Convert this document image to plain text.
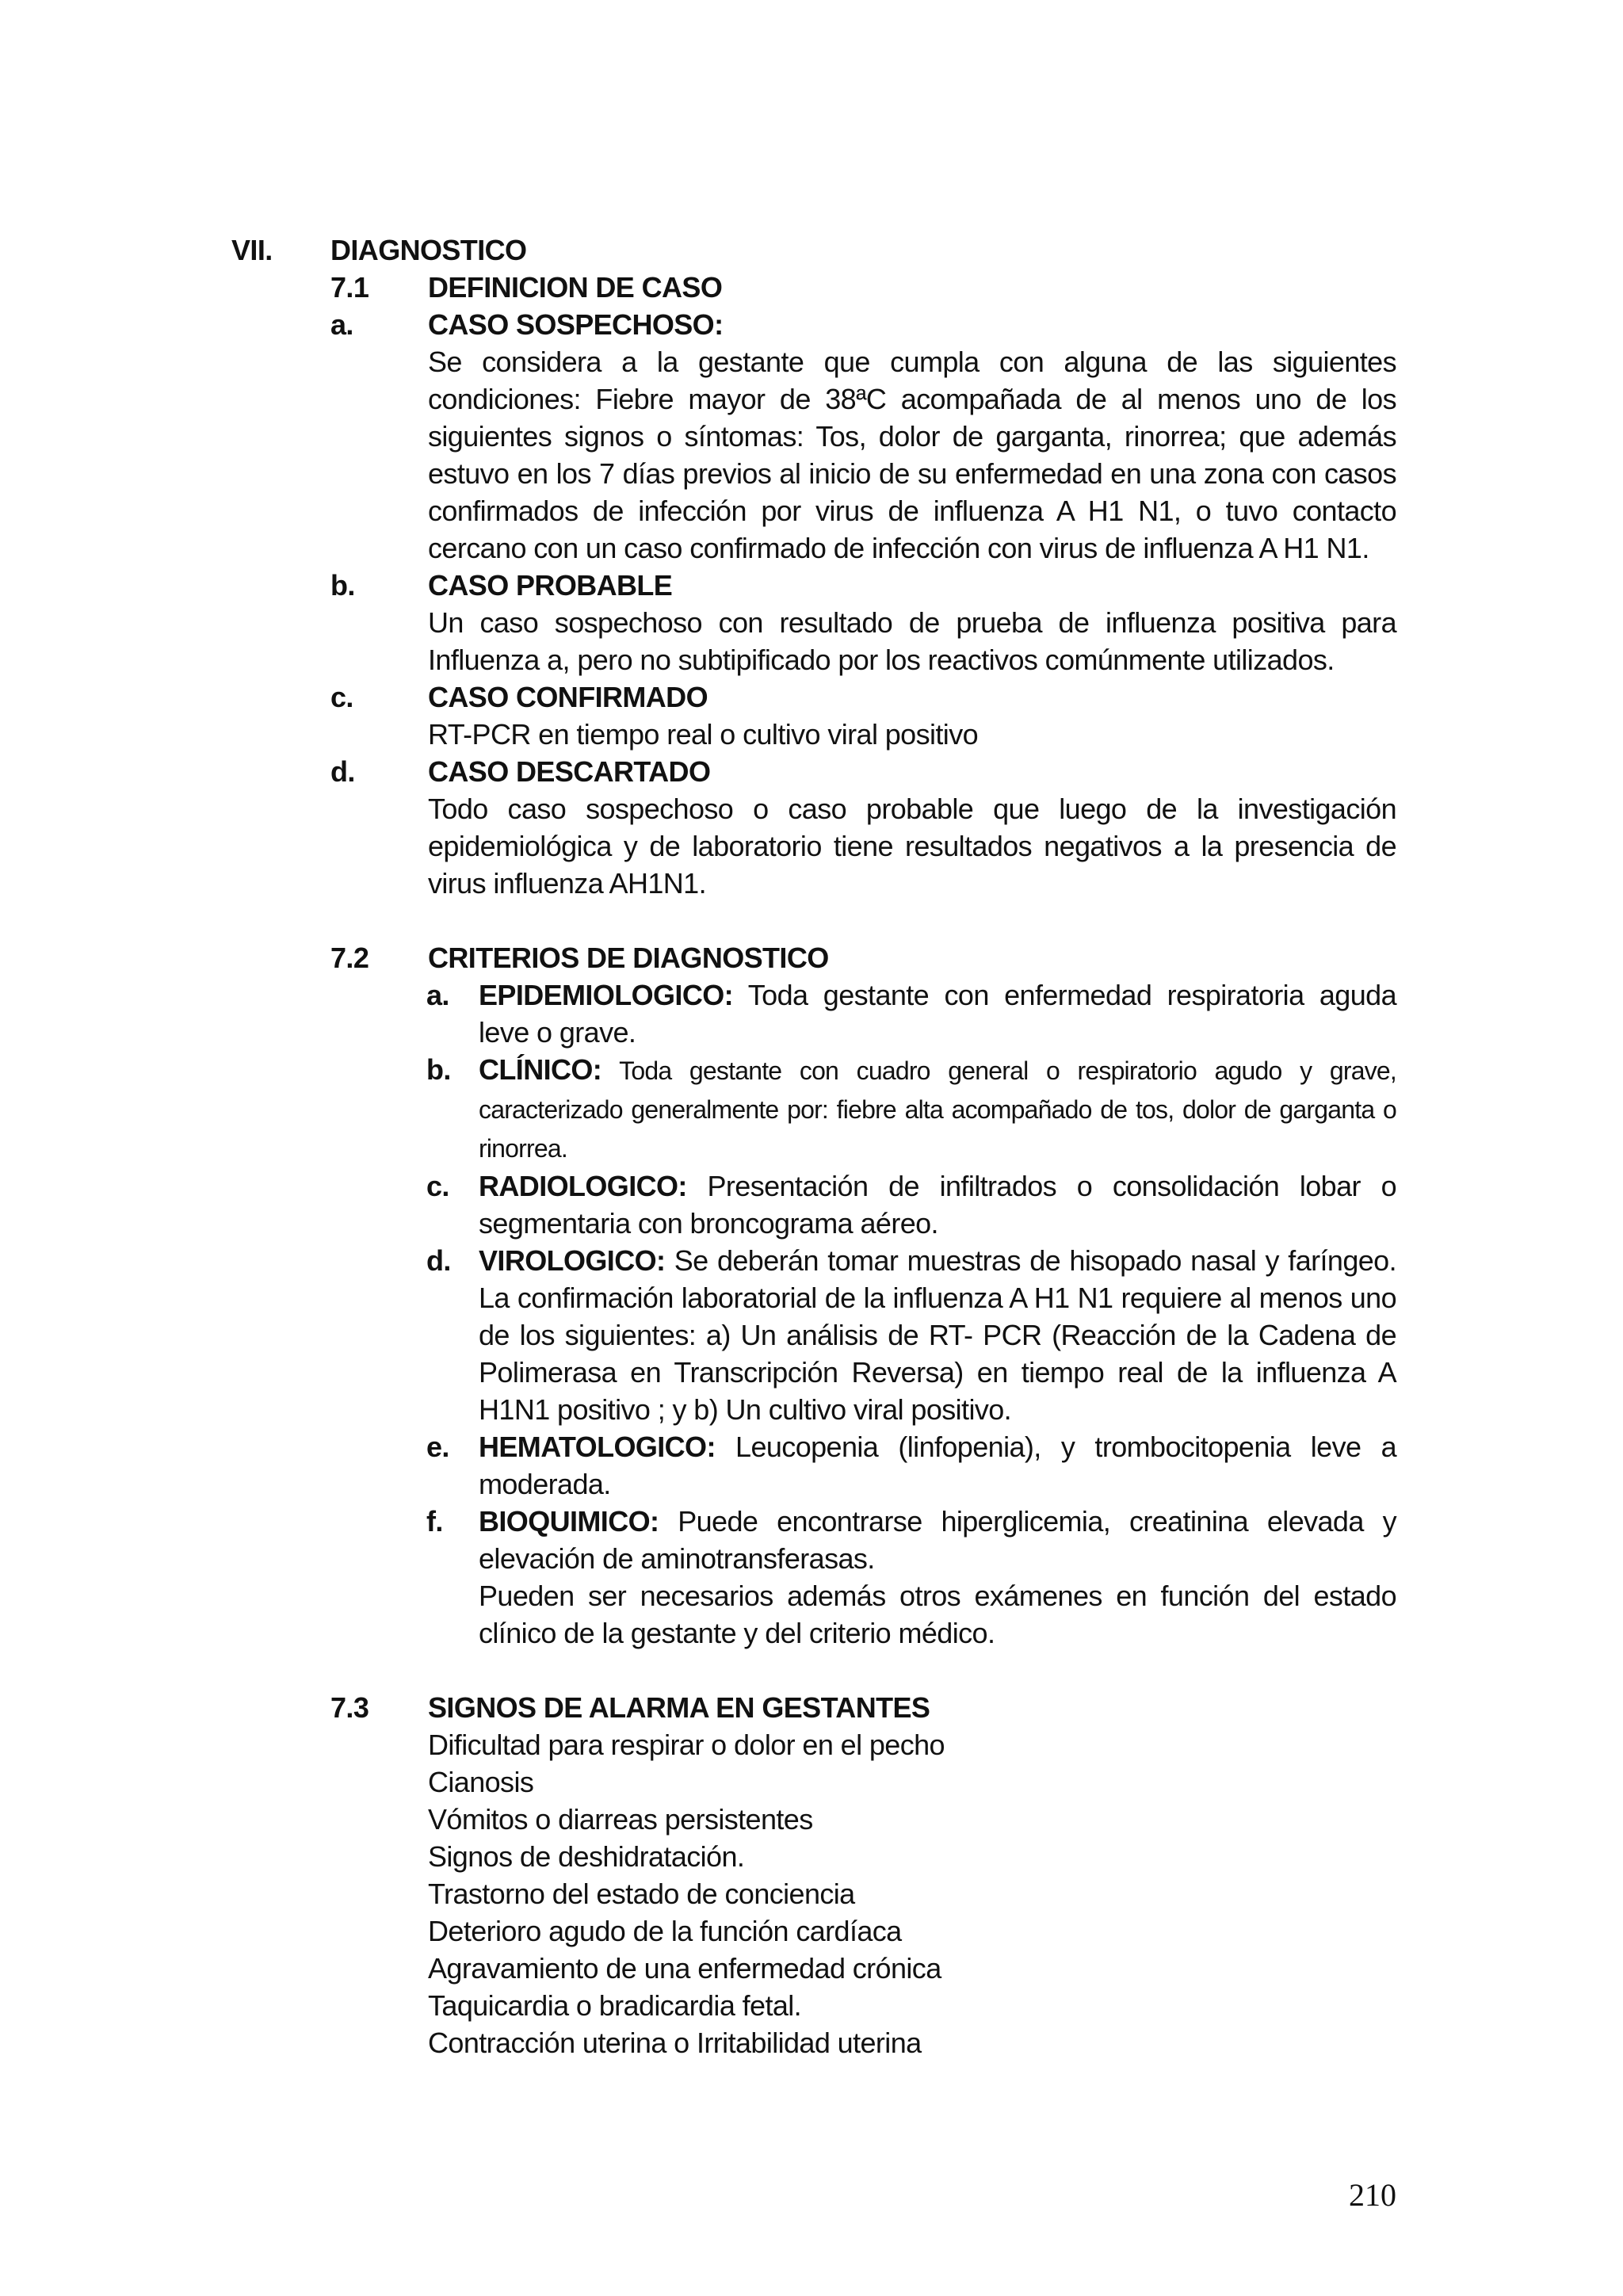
VII. DIAGNOSTICO
7.1 DEFINICION DE CASO
a.	CASO SOSPECHOSO:
Se considera a la gestante que cumpla con alguna de las siguientes condiciones: Fiebre mayor de 38ªC acompañada de al menos uno de los siguientes signos o síntomas: Tos, dolor de garganta, rinorrea; que además estuvo en los 7 días previos al inicio de su enfermedad en una zona con casos confirmados de infección por virus de influenza A H1 N1, o tuvo contacto cercano con un caso confirmado de infección con virus de influenza A H1 N1.
b.	CASO PROBABLE
Un caso sospechoso con resultado de prueba de influenza positiva para Influenza a, pero no subtipificado por los reactivos comúnmente utilizados.
c.	CASO CONFIRMADO
RT-PCR en tiempo real o cultivo viral positivo
d.	CASO DESCARTADO
Todo caso sospechoso o caso probable que luego de la investigación epidemiológica y de laboratorio tiene resultados negativos a la presencia de virus influenza AH1N1.
7.2 CRITERIOS DE DIAGNOSTICO
a. EPIDEMIOLOGICO: Toda gestante con enfermedad respiratoria aguda leve o grave.
b. CLÍNICO: Toda gestante con cuadro general o respiratorio agudo y grave, caracterizado generalmente por: fiebre alta acompañado de tos, dolor de garganta o rinorrea.
c. RADIOLOGICO: Presentación de infiltrados o consolidación lobar o segmentaria con broncograma aéreo.
d. VIROLOGICO: Se deberán tomar muestras de hisopado nasal y faríngeo. La confirmación laboratorial de la influenza A H1 N1 requiere al menos uno de los siguientes: a) Un análisis de RT- PCR (Reacción de la Cadena de Polimerasa en Transcripción Reversa) en tiempo real de la influenza A H1N1 positivo ; y b) Un cultivo viral positivo.
e. HEMATOLOGICO: Leucopenia (linfopenia), y trombocitopenia leve a moderada.
f. BIOQUIMICO: Puede encontrarse hiperglicemia, creatinina elevada y elevación de aminotransferasas.
Pueden ser necesarios además otros exámenes en función del estado clínico de la gestante y del criterio médico.
7.3 SIGNOS DE ALARMA EN GESTANTES
Dificultad para respirar o dolor en el pecho
Cianosis
Vómitos o diarreas persistentes
Signos de deshidratación.
Trastorno del estado de conciencia
Deterioro agudo de la función cardíaca
Agravamiento de una enfermedad crónica
Taquicardia o bradicardia fetal.
Contracción uterina o Irritabilidad uterina
210
